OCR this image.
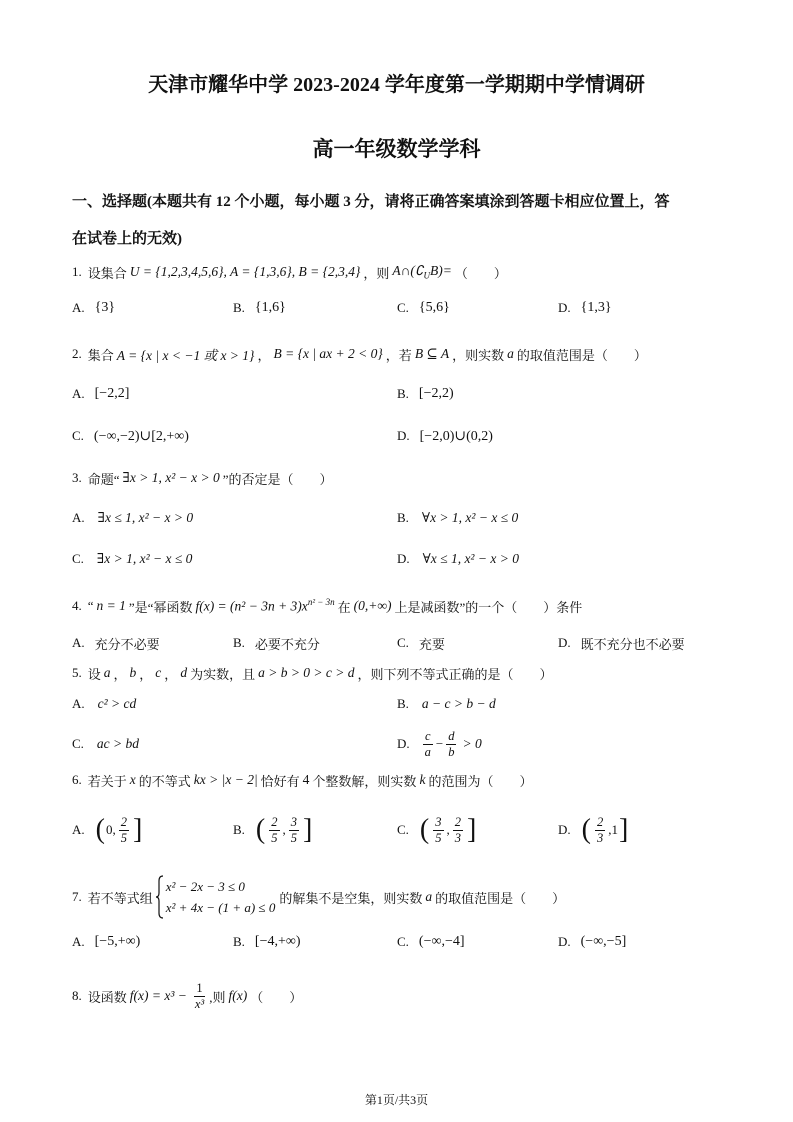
天津市耀华中学 2023-2024 学年度第一学期期中学情调研
高一年级数学学科
一、选择题(本题共有 12 个小题，每小题 3 分，请将正确答案填涂到答题卡相应位置上，答
在试卷上的无效)
1. 设集合 U = {1,2,3,4,5,6}, A = {1,3,6}, B = {2,3,4} ，则 $A\cap(∁_UB)=$ （　　）
A. {3}	B. {1,6}	C. {5,6}	D. {1,3}
2. 集合 A = {x | x < −1 或 x > 1} ， B = {x | ax + 2 < 0} ，若 B ⊆ A ，则实数 a 的取值范围是 （　　）
A. [−2,2]	B. [−2,2)
C. (−∞,−2)∪[2,+∞)	D. [−2,0)∪(0,2)
3. 命题“ ∃x > 1, x² − x > 0 ”的否定是 （　　）
A. ∃x ≤ 1, x² − x > 0	B. ∀x > 1, x² − x ≤ 0
C. ∃x > 1, x² − x ≤ 0	D. ∀x ≤ 1, x² − x > 0
4. “ n = 1 ”是“幂函数 $f(x) = (n^2 - 3n + 3)x^{n^2 - 3n}$ 在 (0,+∞) 上是减函数”的一个 （　　） 条件
A. 充分不必要	B. 必要不充分	C. 充要	D. 既不充分也不必要
5. 设 a ， b ， c ， d 为实数，且 a > b > 0 > c > d ，则下列不等式正确的是 （　　）
A. c² > cd	B. a − c > b − d
C. ac > bd	D. $\frac{c}{a} - \frac{d}{b} > 0$
6. 若关于 x 的不等式 kx > |x − 2| 恰好有 4 个整数解，则实数 k 的范围为 （　　）
A. ( 0, $\frac{2}{5}$ ]	B. ( $\frac{2}{5}$ , $\frac{3}{5}$ ]	C. ( $\frac{3}{5}$ , $\frac{2}{3}$ ]	D. ( $\frac{2}{3} ,1$ ]
7. 若不等式组
x² − 2x − 3 ≤ 0
x² + 4x − (1 + a) ≤ 0
的解集不是空集，则实数 a 的取值范围是 （　　）
A. [−5,+∞)	B. [−4,+∞)	C. (−∞,−4]	D. (−∞,−5]
8. 设函数 $f(x) = x^3 - \frac{1}{\text{x³}}$ ,则 f(x) （　　）
第1页/共3页
